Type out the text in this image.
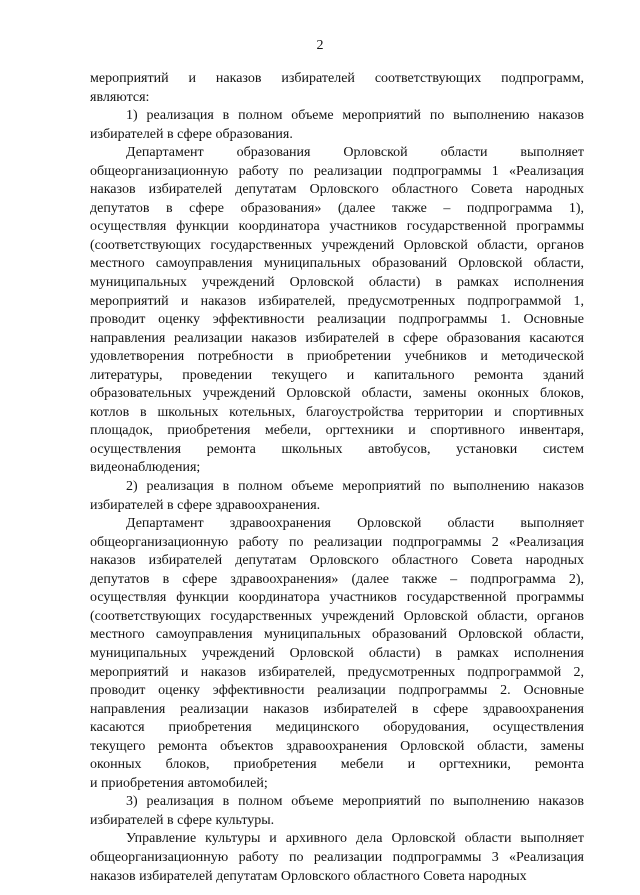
2
мероприятий и наказов избирателей соответствующих подпрограмм,
являются:
1) реализация в полном объеме мероприятий по выполнению наказов
избирателей в сфере образования.
Департамент образования Орловской области выполняет
общеорганизационную работу по реализации подпрограммы 1 «Реализация
наказов избирателей депутатам Орловского областного Совета народных
депутатов в сфере образования» (далее также – подпрограмма 1),
осуществляя функции координатора участников государственной программы
(соответствующих государственных учреждений Орловской области, органов
местного самоуправления муниципальных образований Орловской области,
муниципальных учреждений Орловской области) в рамках исполнения
мероприятий и наказов избирателей, предусмотренных подпрограммой 1,
проводит оценку эффективности реализации подпрограммы 1. Основные
направления реализации наказов избирателей в сфере образования касаются
удовлетворения потребности в приобретении учебников и методической
литературы, проведении текущего и капитального ремонта зданий
образовательных учреждений Орловской области, замены оконных блоков,
котлов в школьных котельных, благоустройства территории и спортивных
площадок, приобретения мебели, оргтехники и спортивного инвентаря,
осуществления ремонта школьных автобусов, установки систем
видеонаблюдения;
2) реализация в полном объеме мероприятий по выполнению наказов
избирателей в сфере здравоохранения.
Департамент здравоохранения Орловской области выполняет
общеорганизационную работу по реализации подпрограммы 2 «Реализация
наказов избирателей депутатам Орловского областного Совета народных
депутатов в сфере здравоохранения» (далее также – подпрограмма 2),
осуществляя функции координатора участников государственной программы
(соответствующих государственных учреждений Орловской области, органов
местного самоуправления муниципальных образований Орловской области,
муниципальных учреждений Орловской области) в рамках исполнения
мероприятий и наказов избирателей, предусмотренных подпрограммой 2,
проводит оценку эффективности реализации подпрограммы 2. Основные
направления реализации наказов избирателей в сфере здравоохранения
касаются приобретения медицинского оборудования, осуществления
текущего ремонта объектов здравоохранения Орловской области, замены
оконных блоков, приобретения мебели и оргтехники, ремонта
и приобретения автомобилей;
3) реализация в полном объеме мероприятий по выполнению наказов
избирателей в сфере культуры.
Управление культуры и архивного дела Орловской области выполняет
общеорганизационную работу по реализации подпрограммы 3 «Реализация
наказов избирателей депутатам Орловского областного Совета народных
